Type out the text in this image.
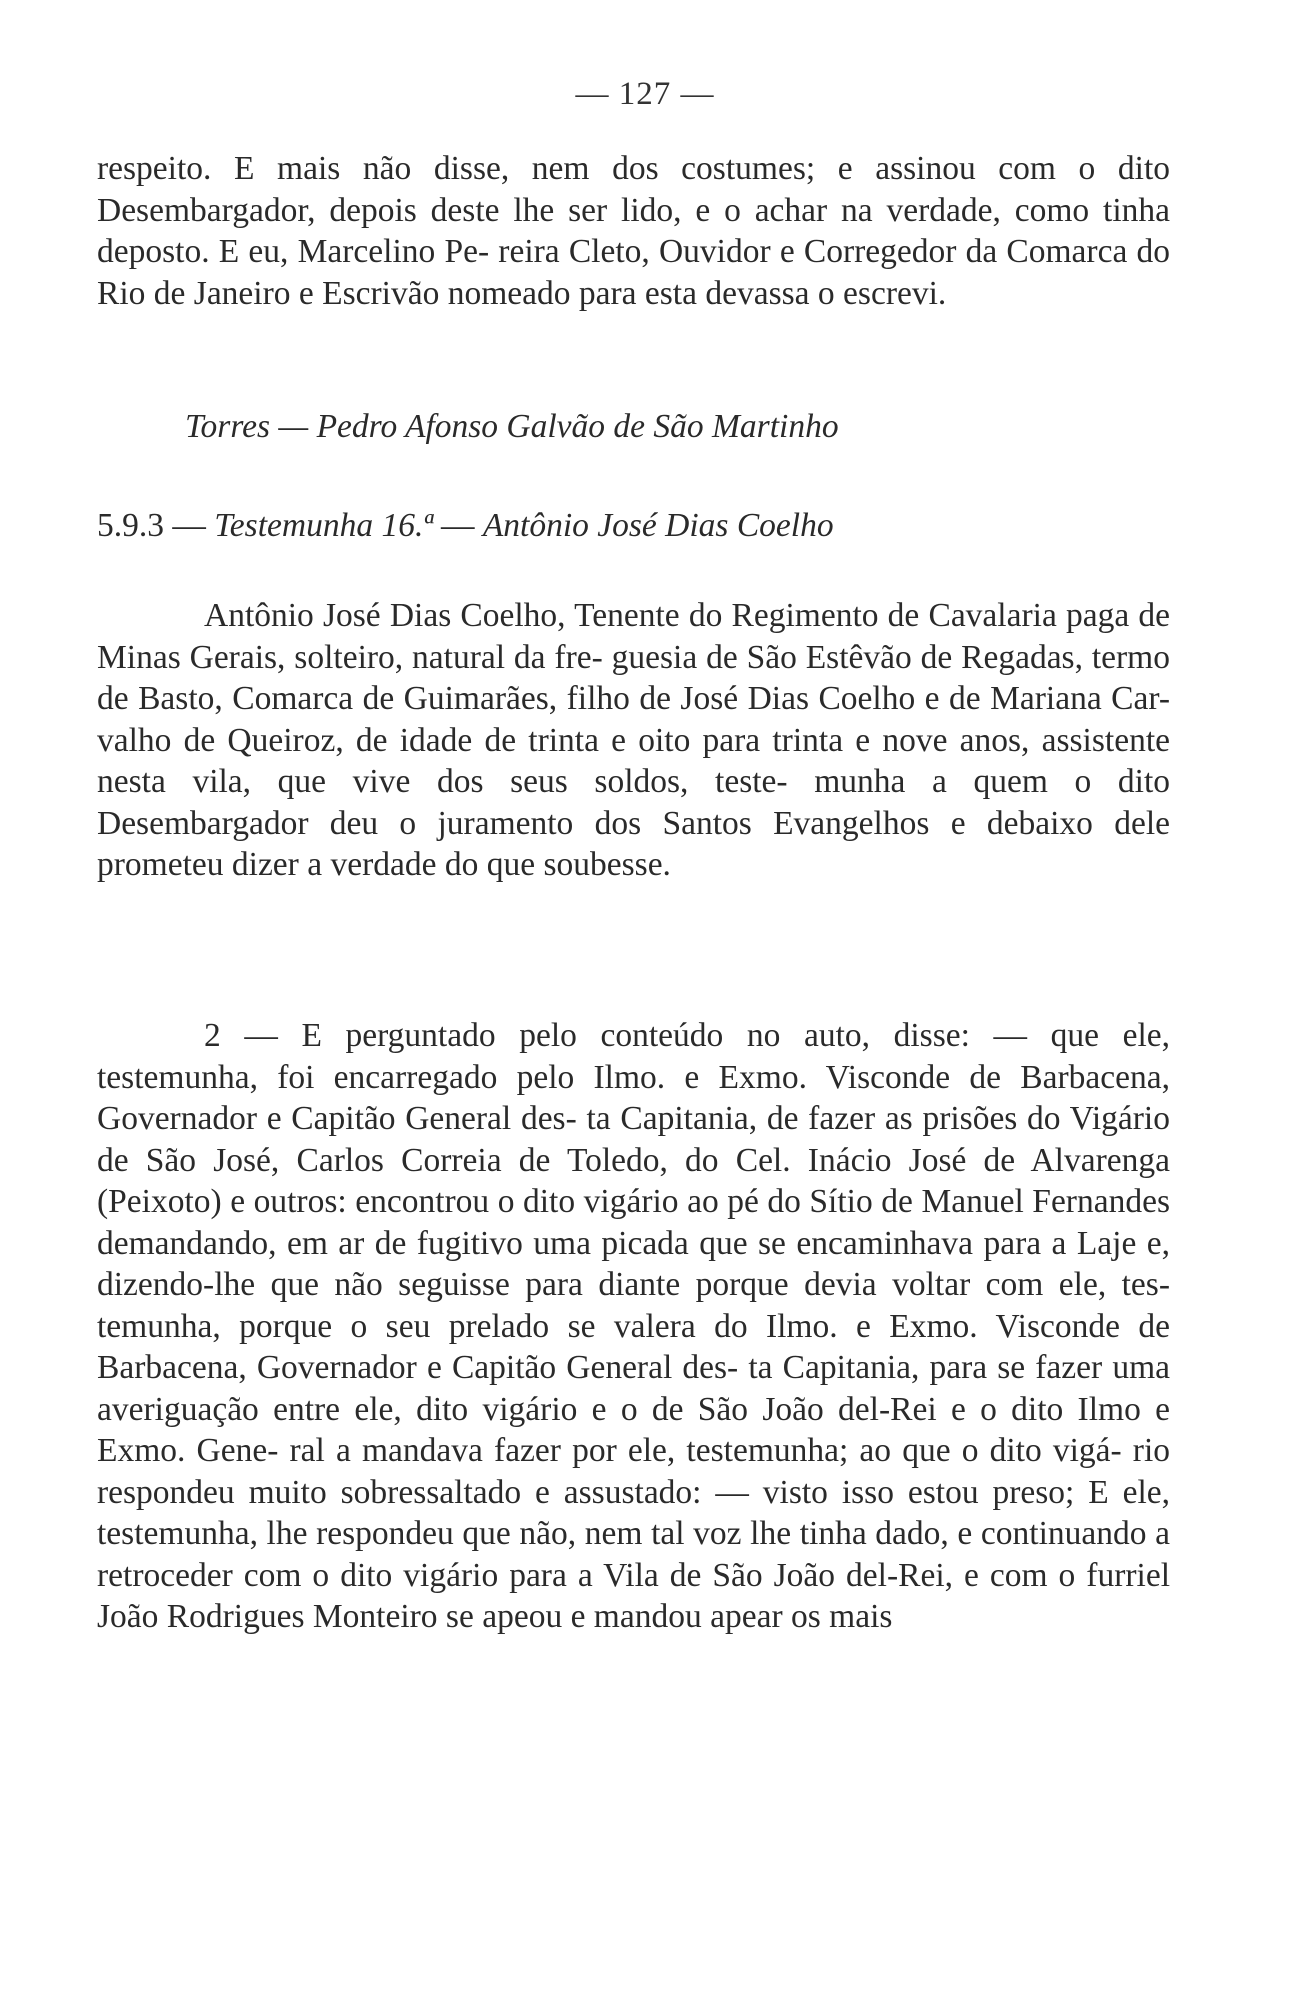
— 127 —

respeito. E mais não disse, nem dos costumes; e assinou com o dito Desembargador, depois deste lhe ser lido, e o achar na verdade, como tinha deposto. E eu, Marcelino Pe- reira Cleto, Ouvidor e Corregedor da Comarca do Rio de Janeiro e Escrivão nomeado para esta devassa o escrevi.

Torres — Pedro Afonso Galvão de São Martinho
5.9.3 — Testemunha 16.ª — Antônio José Dias Coelho

Antônio José Dias Coelho, Tenente do Regimento de Cavalaria paga de Minas Gerais, solteiro, natural da fre- guesia de São Estêvão de Regadas, termo de Basto, Comarca de Guimarães, filho de José Dias Coelho e de Mariana Car- valho de Queiroz, de idade de trinta e oito para trinta e nove anos, assistente nesta vila, que vive dos seus soldos, teste- munha a quem o dito Desembargador deu o juramento dos Santos Evangelhos e debaixo dele prometeu dizer a verdade do que soubesse.

2 — E perguntado pelo conteúdo no auto, disse: — que ele, testemunha, foi encarregado pelo Ilmo. e Exmo. Visconde de Barbacena, Governador e Capitão General des- ta Capitania, de fazer as prisões do Vigário de São José, Carlos Correia de Toledo, do Cel. Inácio José de Alvarenga (Peixoto) e outros: encontrou o dito vigário ao pé do Sítio de Manuel Fernandes demandando, em ar de fugitivo uma picada que se encaminhava para a Laje e, dizendo-lhe que não seguisse para diante porque devia voltar com ele, tes- temunha, porque o seu prelado se valera do Ilmo. e Exmo. Visconde de Barbacena, Governador e Capitão General des- ta Capitania, para se fazer uma averiguação entre ele, dito vigário e o de São João del-Rei e o dito Ilmo e Exmo. Gene- ral a mandava fazer por ele, testemunha; ao que o dito vigá- rio respondeu muito sobressaltado e assustado: — visto isso estou preso; E ele, testemunha, lhe respondeu que não, nem tal voz lhe tinha dado, e continuando a retroceder com o dito vigário para a Vila de São João del-Rei, e com o furriel João Rodrigues Monteiro se apeou e mandou apear os mais
